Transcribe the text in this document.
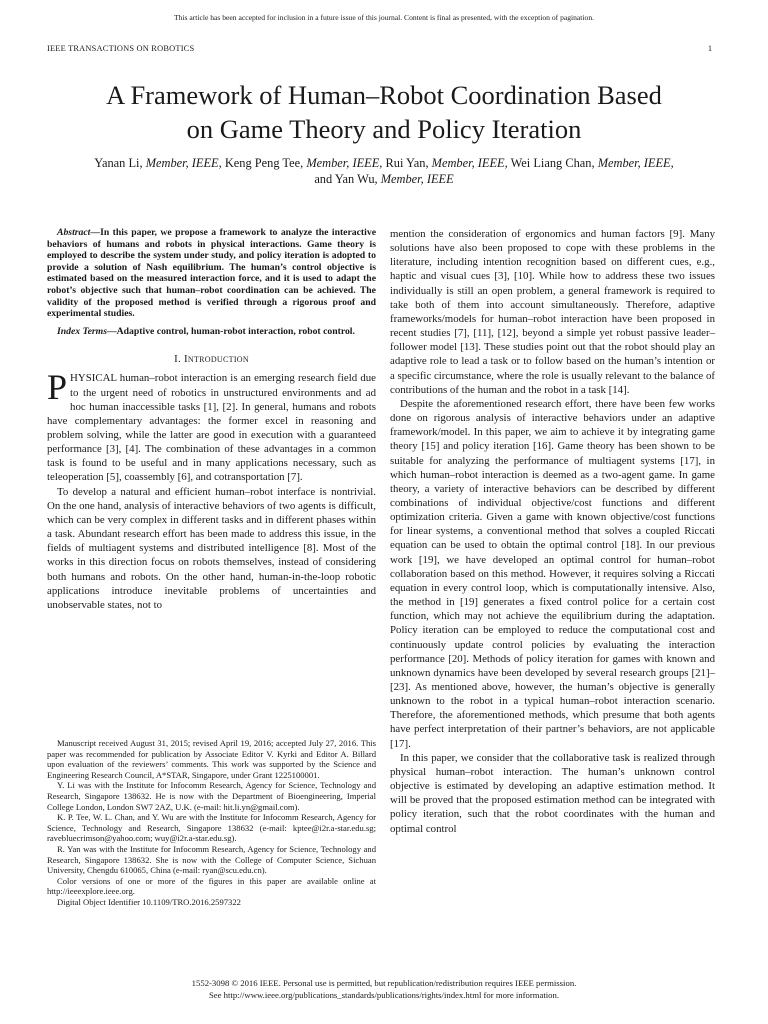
This article has been accepted for inclusion in a future issue of this journal. Content is final as presented, with the exception of pagination.
IEEE TRANSACTIONS ON ROBOTICS	1
A Framework of Human–Robot Coordination Based
on Game Theory and Policy Iteration
Yanan Li, Member, IEEE, Keng Peng Tee, Member, IEEE, Rui Yan, Member, IEEE, Wei Liang Chan, Member, IEEE,
and Yan Wu, Member, IEEE

Abstract—In this paper, we propose a framework to analyze the interactive behaviors of humans and robots in physical interactions. Game theory is employed to describe the system under study, and policy iteration is adopted to provide a solution of Nash equilibrium. The human’s control objective is estimated based on the measured interaction force, and it is used to adapt the robot’s objective such that human–robot coordination can be achieved. The validity of the proposed method is verified through a rigorous proof and experimental studies.

Index Terms—Adaptive control, human-robot interaction, robot control.

I. Introduction

PHYSICAL human–robot interaction is an emerging research field due to the urgent need of robotics in unstructured environments and ad hoc human inaccessible tasks [1], [2]. In general, humans and robots have complementary advantages: the former excel in reasoning and problem solving, while the latter are good in execution with a guaranteed performance [3], [4]. The combination of these advantages in a common task is found to be useful and in many applications necessary, such as teleoperation [5], coassembly [6], and cotransportation [7].

To develop a natural and efficient human–robot interface is nontrivial. On the one hand, analysis of interactive behaviors of two agents is difficult, which can be very complex in different tasks and in different phases within a task. Abundant research effort has been made to address this issue, in the fields of multiagent systems and distributed intelligence [8]. Most of the works in this direction focus on robots themselves, instead of considering both humans and robots. On the other hand, human-in-the-loop robotic applications introduce inevitable problems of uncertainties and unobservable states, not to

Manuscript received August 31, 2015; revised April 19, 2016; accepted July 27, 2016. This paper was recommended for publication by Associate Editor V. Kyrki and Editor A. Billard upon evaluation of the reviewers’ comments. This work was supported by the Science and Engineering Research Council, A*STAR, Singapore, under Grant 1225100001.

Y. Li was with the Institute for Infocomm Research, Agency for Science, Technology and Research, Singapore 138632. He is now with the Department of Bioengineering, Imperial College London, London SW7 2AZ, U.K. (e-mail: hit.li.yn@gmail.com).

K. P. Tee, W. L. Chan, and Y. Wu are with the Institute for Infocomm Research, Agency for Science, Technology and Research, Singapore 138632 (e-mail: kptee@i2r.a-star.edu.sg; ravebluecrimson@yahoo.com; wuy@i2r.a-star.edu.sg).

R. Yan was with the Institute for Infocomm Research, Agency for Science, Technology and Research, Singapore 138632. She is now with the College of Computer Science, Sichuan University, Chengdu 610065, China (e-mail: ryan@scu.edu.cn).

Color versions of one or more of the figures in this paper are available online at http://ieeexplore.ieee.org.

Digital Object Identifier 10.1109/TRO.2016.2597322

mention the consideration of ergonomics and human factors [9]. Many solutions have also been proposed to cope with these problems in the literature, including intention recognition based on different cues, e.g., haptic and visual cues [3], [10]. While how to address these two issues individually is still an open problem, a general framework is required to take both of them into account simultaneously. Therefore, adaptive frameworks/models for human–robot interaction have been proposed in recent studies [7], [11], [12], beyond a simple yet robust passive leader–follower model [13]. These studies point out that the robot should play an adaptive role to lead a task or to follow based on the human’s intention or a specific circumstance, where the role is usually relevant to the balance of contributions of the human and the robot in a task [14].

Despite the aforementioned research effort, there have been few works done on rigorous analysis of interactive behaviors under an adaptive framework/model. In this paper, we aim to achieve it by integrating game theory [15] and policy iteration [16]. Game theory has been shown to be suitable for analyzing the performance of multiagent systems [17], in which human–robot interaction is deemed as a two-agent game. In game theory, a variety of interactive behaviors can be described by different combinations of individual objective/cost functions and different optimization criteria. Given a game with known objective/cost functions for linear systems, a conventional method that solves a coupled Riccati equation can be used to obtain the optimal control [18]. In our previous work [19], we have developed an optimal control for human–robot collaboration based on this method. However, it requires solving a Riccati equation in every control loop, which is computationally intensive. Also, the method in [19] generates a fixed control police for a certain cost function, which may not achieve the equilibrium during the adaptation. Policy iteration can be employed to reduce the computational cost and continuously update control policies by evaluating the interaction performance [20]. Methods of policy iteration for games with known and unknown dynamics have been developed by several research groups [21]–[23]. As mentioned above, however, the human’s objective is generally unknown to the robot in a typical human–robot interaction scenario. Therefore, the aforementioned methods, which presume that both agents have perfect interpretation of their partner’s behaviors, are not applicable [17].

In this paper, we consider that the collaborative task is realized through physical human–robot interaction. The human’s unknown control objective is estimated by developing an adaptive estimation method. It will be proved that the proposed estimation method can be integrated with policy iteration, such that the robot coordinates with the human and optimal control

1552-3098 © 2016 IEEE. Personal use is permitted, but republication/redistribution requires IEEE permission.
See http://www.ieee.org/publications_standards/publications/rights/index.html for more information.
